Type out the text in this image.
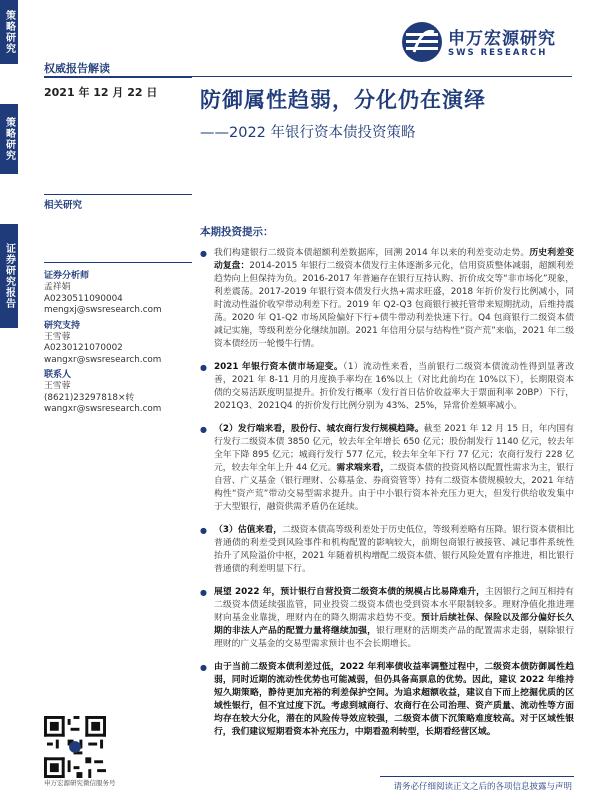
策略研究
策略研究
证券研究报告
申万宏源研究
SWS RESEARCH
权威报告解读
2021 年 12 月 22 日 防御属性趋弱，分化仍在演绎
——2022 年银行资本债投资策略
相关研究
证券分析师
孟祥娟
A0230511090004
mengxj@swsresearch.com
研究支持
王雪蓉
A0230121070002
wangxr@swsresearch.com
联系人
王雪蓉
(8621)23297818×转
wangxr@swsresearch.com
本期投资提示：
● 我们构建银行二级资本债超额利差数据库，回溯 2014 年以来的利差变动走势。历史利差变动复盘：2014-2015 年银行二级资本债发行主体逐渐多元化，信用资质整体减弱，超额利差趋势向上但保持为负。2016-2017 年普遍存在银行互持认购、折价成交等“非市场化”现象，利差震荡。2017-2019 年银行资本债发行火热+需求旺盛，2018 年折价发行比例减小，同时流动性溢价收窄带动利差下行。2019 年 Q2-Q3 包商银行被托管带来短期扰动，后维持震荡。2020 年 Q1-Q2 市场风险偏好下行+债牛带动利差快速下行。Q4 包商银行二级资本债减记实施，等级利差分化继续加剧。2021 年信用分层与结构性“资产荒”来临，2021 年二级资本债经历一轮慢牛行情。
● 2021 年银行资本债市场迎变。（1）流动性来看，当前银行二级资本债流动性得到显著改善，2021 年 8-11 月的月度换手率均在 16%以上（对比此前均在 10%以下），长期限资本债的交易活跃度明显提升。折价发行概率（发行首日估价收益率大于票面利率 20BP）下行，2021Q3、2021Q4 的折价发行比例分别为 43%、25%，异常价差频率减小。
● （2）发行端来看，股份行、城农商行发行规模趋降。截至 2021 年 12 月 15 日，年内国有行发行二级资本债 3850 亿元，较去年全年增长 650 亿元；股份制发行 1140 亿元，较去年全年下降 895 亿元；城商行发行 577 亿元，较去年全年下行 77 亿元；农商行发行 228 亿元，较去年全年上升 44 亿元。需求端来看，二级资本债的投资风格以配置性需求为主，银行自营、广义基金（银行理财、公募基金、券商资管等）持有二级资本债规模较大，2021 年结构性“资产荒”带动交易型需求提升。由于中小银行资本补充压力更大，但发行供给收发集中于大型银行，融资供需矛盾仍在延续。
● （3）估值来看，二级资本债高等级利差处于历史低位，等级利差略有压降。银行资本债相比普通债的利差受到风险事件和机构配置的影响较大，前期包商银行被接管、减记事件系统性抬升了风险溢价中枢，2021 年随着机构增配二级资本债、银行风险处置有序推进，相比银行普通债的利差明显下行。
● 展望 2022 年，预计银行自营投资二级资本债的规模占比易降难升，主因银行之间互相持有二级资本债延续强监管，同业投资二级资本债也受到资本水平限制较多。理财净值化推进理财向基金业靠拢，理财内在的降久期需求趋势不变。预计后续社保、保险以及部分偏好长久期的非法人产品的配置力量将继续加强，银行理财的活期类产品的配置需求走弱，剔除银行理财的广义基金的交易型需求预计也不会长期增长。
● 由于当前二级资本债利差过低，2022 年利率债收益率调整过程中，二级资本债防御属性趋弱，同时近期的流动性优势也可能减弱，但仍具备高票息的优势。因此，建议 2022 年维持短久期策略，静待更加充裕的利差保护空间。为追求超额收益，建议自下而上挖掘优质的区域性银行，但不宜过度下沉。考虑到城商行、农商行在公司治理、资产质量、流动性等方面均存在较大分化，潜在的风险传导效应较强，二级资本债下沉策略难度较高。对于区域性银行，我们建议短期看资本补充压力，中期看盈利转型，长期看经营区域。
申万宏源研究微信服务号	请务必仔细阅读正文之后的各项信息披露与声明
